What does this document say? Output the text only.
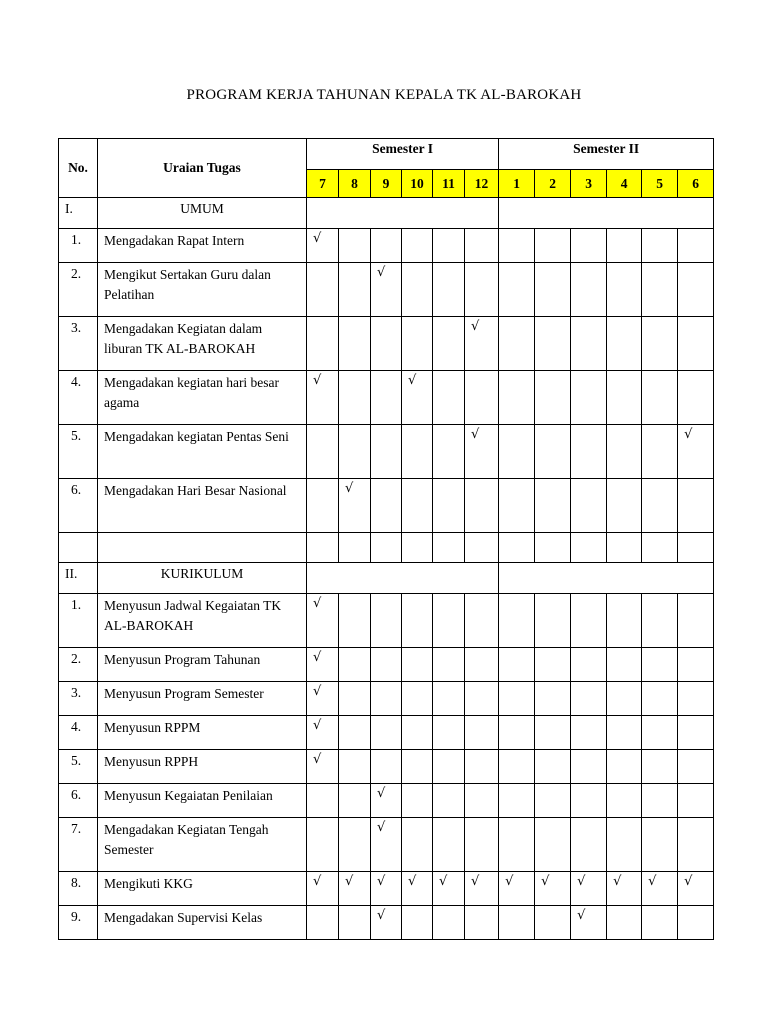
PROGRAM KERJA TAHUNAN KEPALA TK AL-BAROKAH
No.	Uraian Tugas	Semester I						Semester II					
		7	8	9	10	11	12	1	2	3	4	5	6
I.	UMUM												
1.	Mengadakan Rapat Intern	√											
2.	Mengikut Sertakan Guru dalan Pelatihan			√									
3.	Mengadakan Kegiatan dalam liburan TK AL-BAROKAH						√						
4.	Mengadakan kegiatan hari besar agama	√			√								
5.	Mengadakan kegiatan Pentas Seni						√						√
6.	Mengadakan Hari Besar Nasional		√										

II.	KURIKULUM												
1.	Menyusun Jadwal Kegaiatan TK AL-BAROKAH	√											
2.	Menyusun Program Tahunan	√											
3.	Menyusun Program Semester	√											
4.	Menyusun RPPM	√											
5.	Menyusun RPPH	√											
6.	Menyusun Kegaiatan Penilaian			√									
7.	Mengadakan Kegiatan Tengah Semester			√									
8.	Mengikuti KKG	√	√	√	√	√	√	√	√	√	√	√	√
9.	Mengadakan Supervisi Kelas			√						√			
